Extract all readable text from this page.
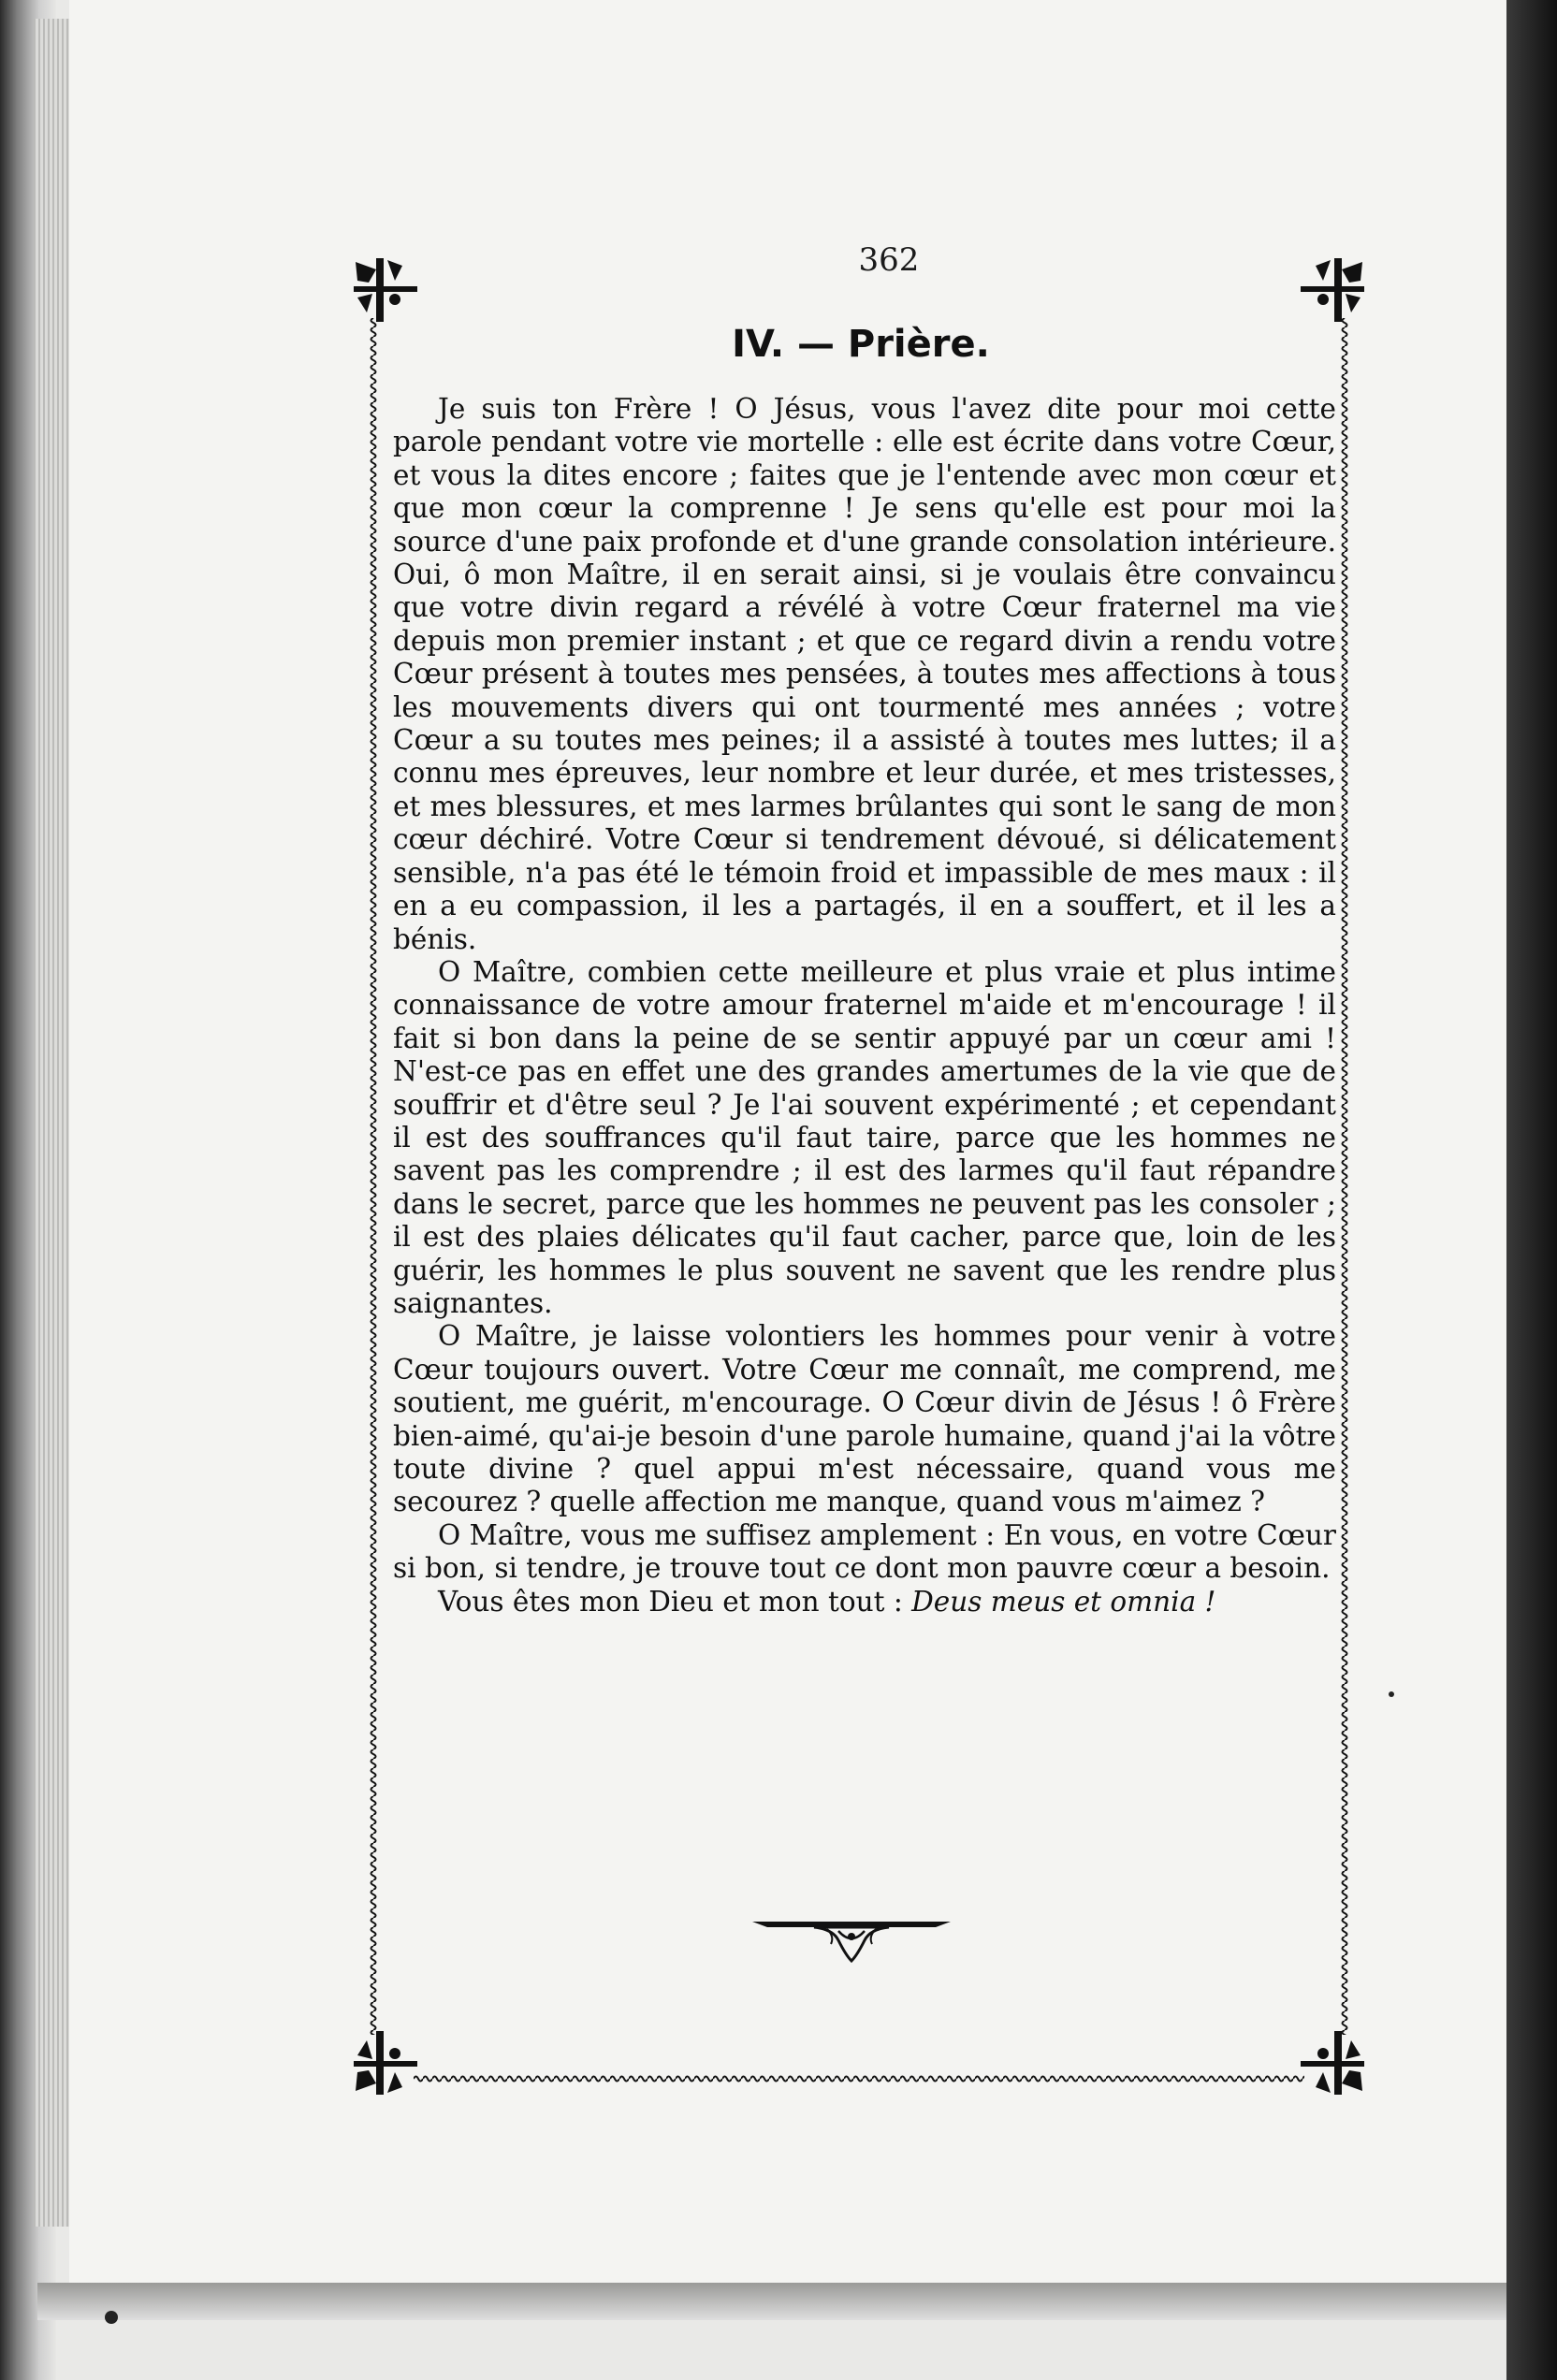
362
IV. — Prière.

Je suis ton Frère ! O Jésus, vous l'avez dite pour moi cette parole pendant votre vie mortelle : elle est écrite dans votre Cœur, et vous la dites encore ; faites que je l'entende avec mon cœur et que mon cœur la comprenne ! Je sens qu'elle est pour moi la source d'une paix profonde et d'une grande consolation intérieure. Oui, ô mon Maître, il en serait ainsi, si je voulais être convaincu que votre divin regard a révélé à votre Cœur fraternel ma vie depuis mon premier instant ; et que ce regard divin a rendu votre Cœur présent à toutes mes pensées, à toutes mes affections à tous les mouvements divers qui ont tourmenté mes années ; votre Cœur a su toutes mes peines; il a assisté à toutes mes luttes; il a connu mes épreuves, leur nombre et leur durée, et mes tristesses, et mes blessures, et mes larmes brûlantes qui sont le sang de mon cœur déchiré. Votre Cœur si tendrement dévoué, si délicatement sensible, n'a pas été le témoin froid et impassible de mes maux : il en a eu compassion, il les a partagés, il en a souffert, et il les a bénis.

O Maître, combien cette meilleure et plus vraie et plus intime connaissance de votre amour fraternel m'aide et m'encourage ! il fait si bon dans la peine de se sentir appuyé par un cœur ami ! N'est-ce pas en effet une des grandes amertumes de la vie que de souffrir et d'être seul ? Je l'ai souvent expérimenté ; et cependant il est des souffrances qu'il faut taire, parce que les hommes ne savent pas les comprendre ; il est des larmes qu'il faut répandre dans le secret, parce que les hommes ne peuvent pas les consoler ; il est des plaies délicates qu'il faut cacher, parce que, loin de les guérir, les hommes le plus souvent ne savent que les rendre plus saignantes.

O Maître, je laisse volontiers les hommes pour venir à votre Cœur toujours ouvert. Votre Cœur me connaît, me comprend, me soutient, me guérit, m'encourage. O Cœur divin de Jésus ! ô Frère bien-aimé, qu'ai-je besoin d'une parole humaine, quand j'ai la vôtre toute divine ? quel appui m'est nécessaire, quand vous me secourez ? quelle affection me manque, quand vous m'aimez ?

O Maître, vous me suffisez amplement : En vous, en votre Cœur si bon, si tendre, je trouve tout ce dont mon pauvre cœur a besoin.

Vous êtes mon Dieu et mon tout : Deus meus et omnia !
